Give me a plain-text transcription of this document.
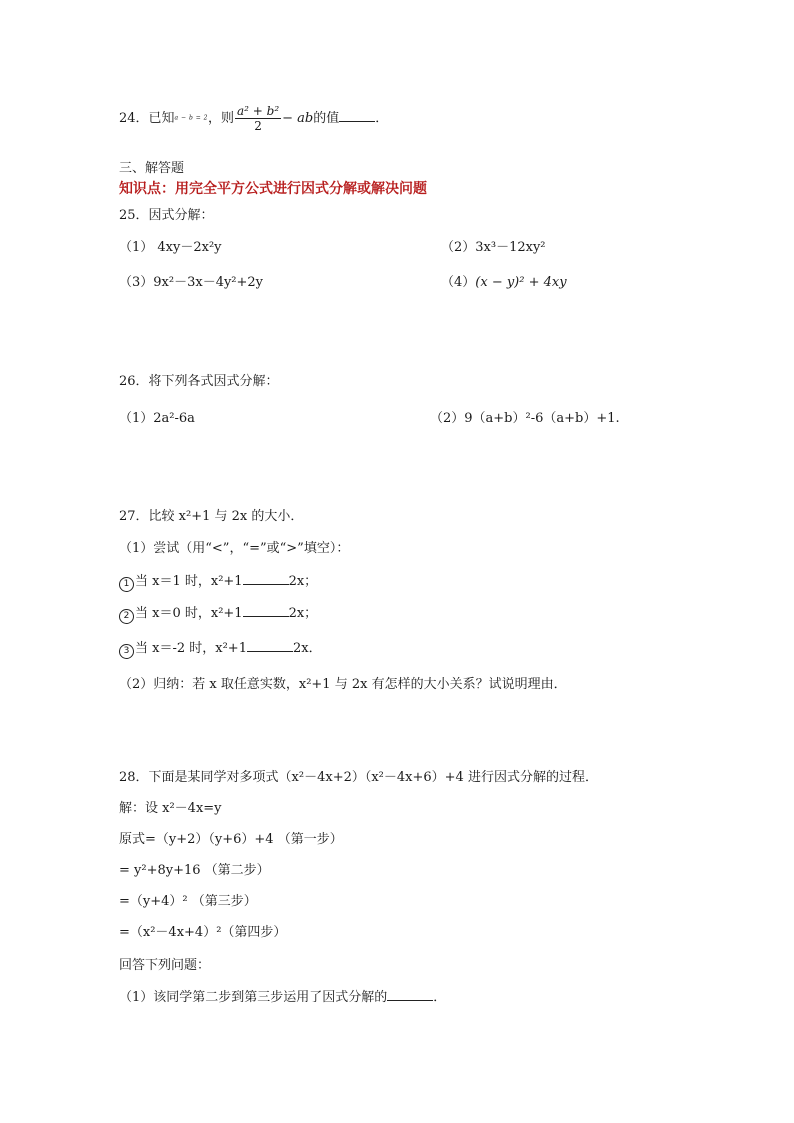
24．已知a − b = 2，则 $\frac{\text{a² + b²}}{2}$ − ab的值	．
三、解答题
知识点：用完全平方公式进行因式分解或解决问题
25．因式分解：
（1） 4xy－2x²y	（2）3x³－12xy²
（3）9x²－3x－4y²+2y	（4）(x − y)² + 4xy
26．将下列各式因式分解：
（1）2a²-6a	（2）9（a+b）²-6（a+b）+1.
27．比较 x²+1 与 2x 的大小．
（1）尝试（用“<”，“=”或“>”填空）：
1 当 x＝1 时，x²+1	2x；
2 当 x＝0 时，x²+1	2x；
3 当 x＝-2 时，x²+1	2x．
（2）归纳：若 x 取任意实数，x²+1 与 2x 有怎样的大小关系？试说明理由．
28．下面是某同学对多项式（x²－4x+2）（x²－4x+6）+4 进行因式分解的过程．
解：设 x²－4x=y
原式=（y+2）（y+6）+4 （第一步）
= y²+8y+16 （第二步）
=（y+4）² （第三步）
=（x²－4x+4）²（第四步）
回答下列问题：
（1）该同学第二步到第三步运用了因式分解的	．
